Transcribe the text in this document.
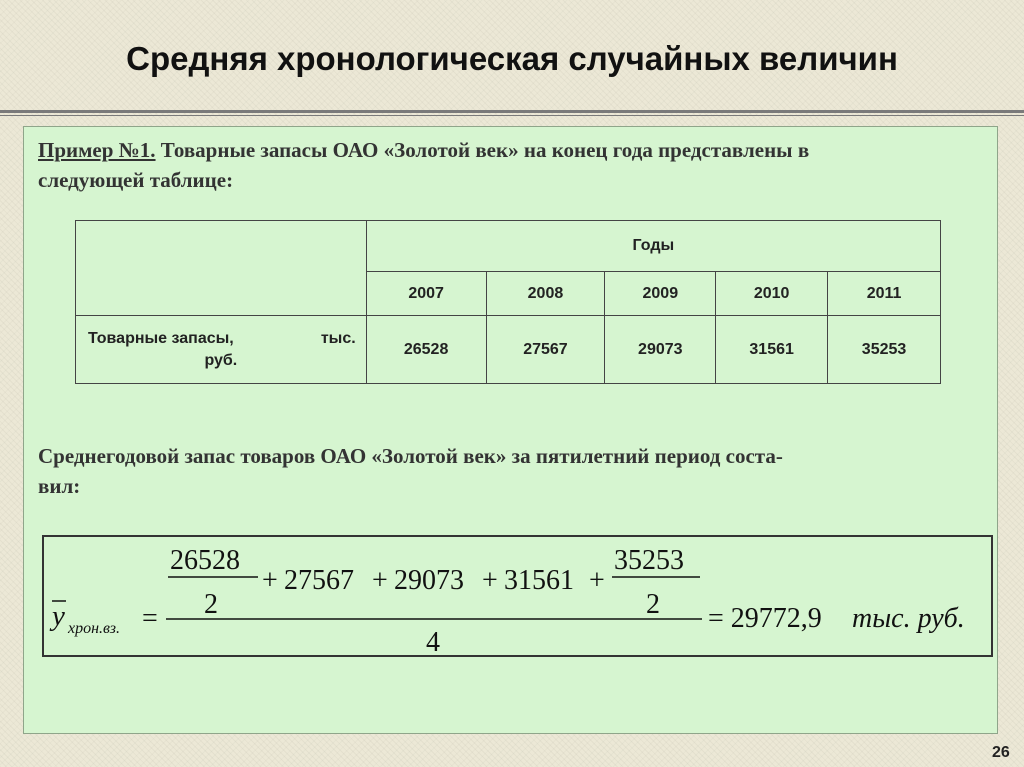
Средняя хронологическая случайных величин
Пример №1. Товарные запасы ОАО «Золотой век» на конец года представлены в
следующей таблице:
	Годы				
	2007	2008	2009	2010	2011

Товарные запасы, тыс.
руб.	26528	27567	29073	31561	35253
Среднегодовой запас товаров ОАО «Золотой век» за пятилетний период соста-
вил:
y хрон.вз. =
26528
2
+ 27567 + 29073 + 31561 +
35253
2
4
= 29772,9 тыс. руб.
26
